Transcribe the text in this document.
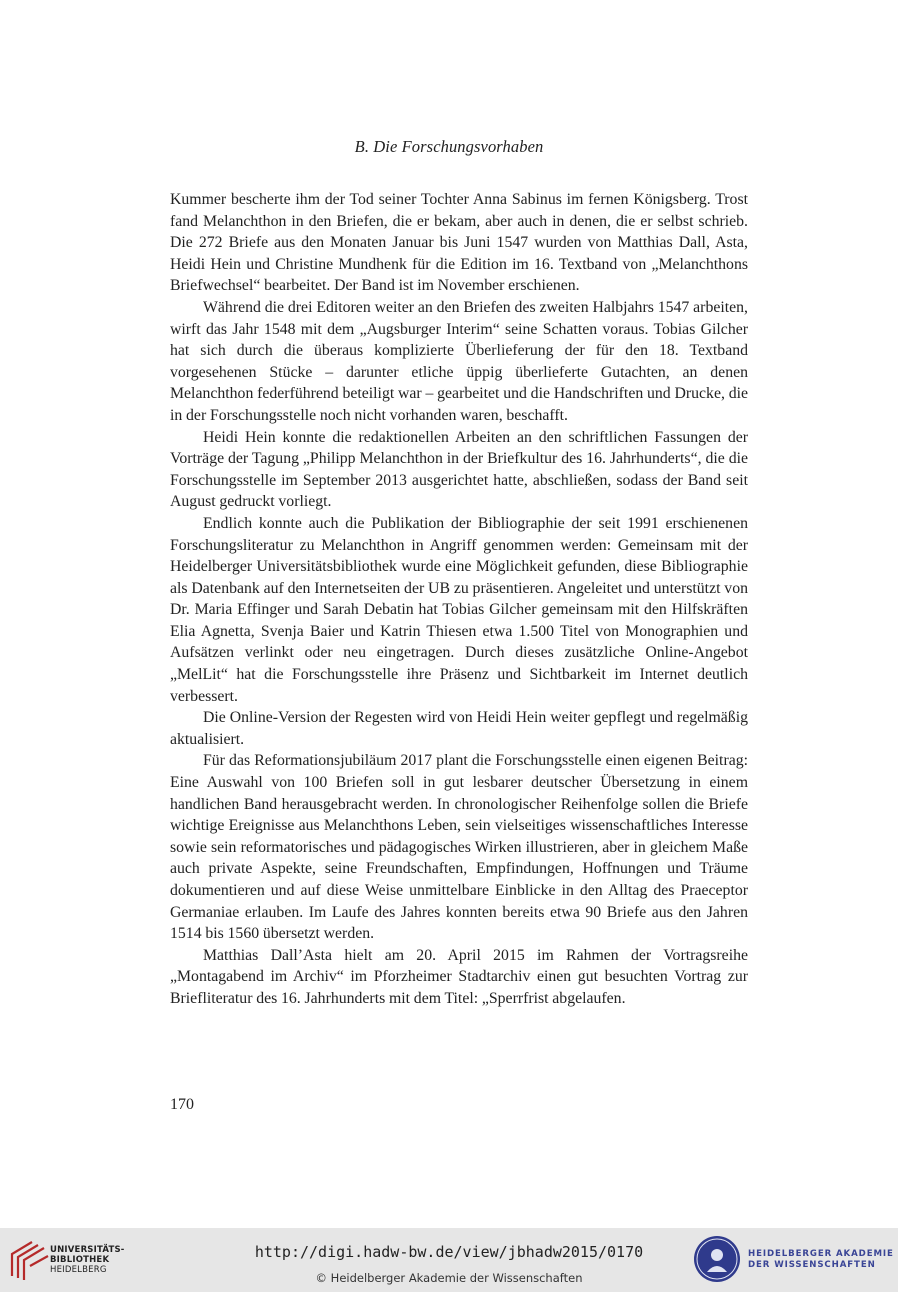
B. Die Forschungsvorhaben

Kummer bescherte ihm der Tod seiner Tochter Anna Sabinus im fernen Königsberg. Trost fand Melanchthon in den Briefen, die er bekam, aber auch in denen, die er selbst schrieb. Die 272 Briefe aus den Monaten Januar bis Juni 1547 wurden von Matthias Dall, Asta, Heidi Hein und Christine Mundhenk für die Edition im 16. Textband von „Melanchthons Briefwechsel“ bearbeitet. Der Band ist im November erschienen.

Während die drei Editoren weiter an den Briefen des zweiten Halbjahrs 1547 arbeiten, wirft das Jahr 1548 mit dem „Augsburger Interim“ seine Schatten voraus. Tobias Gilcher hat sich durch die überaus komplizierte Überlieferung der für den 18. Textband vorgesehenen Stücke – darunter etliche üppig überlieferte Gutachten, an denen Melanchthon federführend beteiligt war – gearbeitet und die Handschriften und Drucke, die in der Forschungsstelle noch nicht vorhanden waren, beschafft.

Heidi Hein konnte die redaktionellen Arbeiten an den schriftlichen Fassungen der Vorträge der Tagung „Philipp Melanchthon in der Briefkultur des 16. Jahrhunderts“, die die Forschungsstelle im September 2013 ausgerichtet hatte, abschließen, sodass der Band seit August gedruckt vorliegt.

Endlich konnte auch die Publikation der Bibliographie der seit 1991 erschienenen Forschungsliteratur zu Melanchthon in Angriff genommen werden: Gemeinsam mit der Heidelberger Universitätsbibliothek wurde eine Möglichkeit gefunden, diese Bibliographie als Datenbank auf den Internetseiten der UB zu präsentieren. Angeleitet und unterstützt von Dr. Maria Effinger und Sarah Debatin hat Tobias Gilcher gemeinsam mit den Hilfskräften Elia Agnetta, Svenja Baier und Katrin Thiesen etwa 1.500 Titel von Monographien und Aufsätzen verlinkt oder neu eingetragen. Durch dieses zusätzliche Online-Angebot „MelLit“ hat die Forschungsstelle ihre Präsenz und Sichtbarkeit im Internet deutlich verbessert.

Die Online-Version der Regesten wird von Heidi Hein weiter gepflegt und regelmäßig aktualisiert.

Für das Reformationsjubiläum 2017 plant die Forschungsstelle einen eigenen Beitrag: Eine Auswahl von 100 Briefen soll in gut lesbarer deutscher Übersetzung in einem handlichen Band herausgebracht werden. In chronologischer Reihenfolge sollen die Briefe wichtige Ereignisse aus Melanchthons Leben, sein vielseitiges wissenschaftliches Interesse sowie sein reformatorisches und pädagogisches Wirken illustrieren, aber in gleichem Maße auch private Aspekte, seine Freundschaften, Empfindungen, Hoffnungen und Träume dokumentieren und auf diese Weise unmittelbare Einblicke in den Alltag des Praeceptor Germaniae erlauben. Im Laufe des Jahres konnten bereits etwa 90 Briefe aus den Jahren 1514 bis 1560 übersetzt werden.

Matthias Dall’Asta hielt am 20. April 2015 im Rahmen der Vortragsreihe „Montagabend im Archiv“ im Pforzheimer Stadtarchiv einen gut besuchten Vortrag zur Briefliteratur des 16. Jahrhunderts mit dem Titel: „Sperrfrist abgelaufen.

170
UNIVERSITÄTS-
BIBLIOTHEK
HEIDELBERG
http://digi.hadw-bw.de/view/jbhadw2015/0170
© Heidelberger Akademie der Wissenschaften
HEIDELBERGER AKADEMIE
DER WISSENSCHAFTEN
